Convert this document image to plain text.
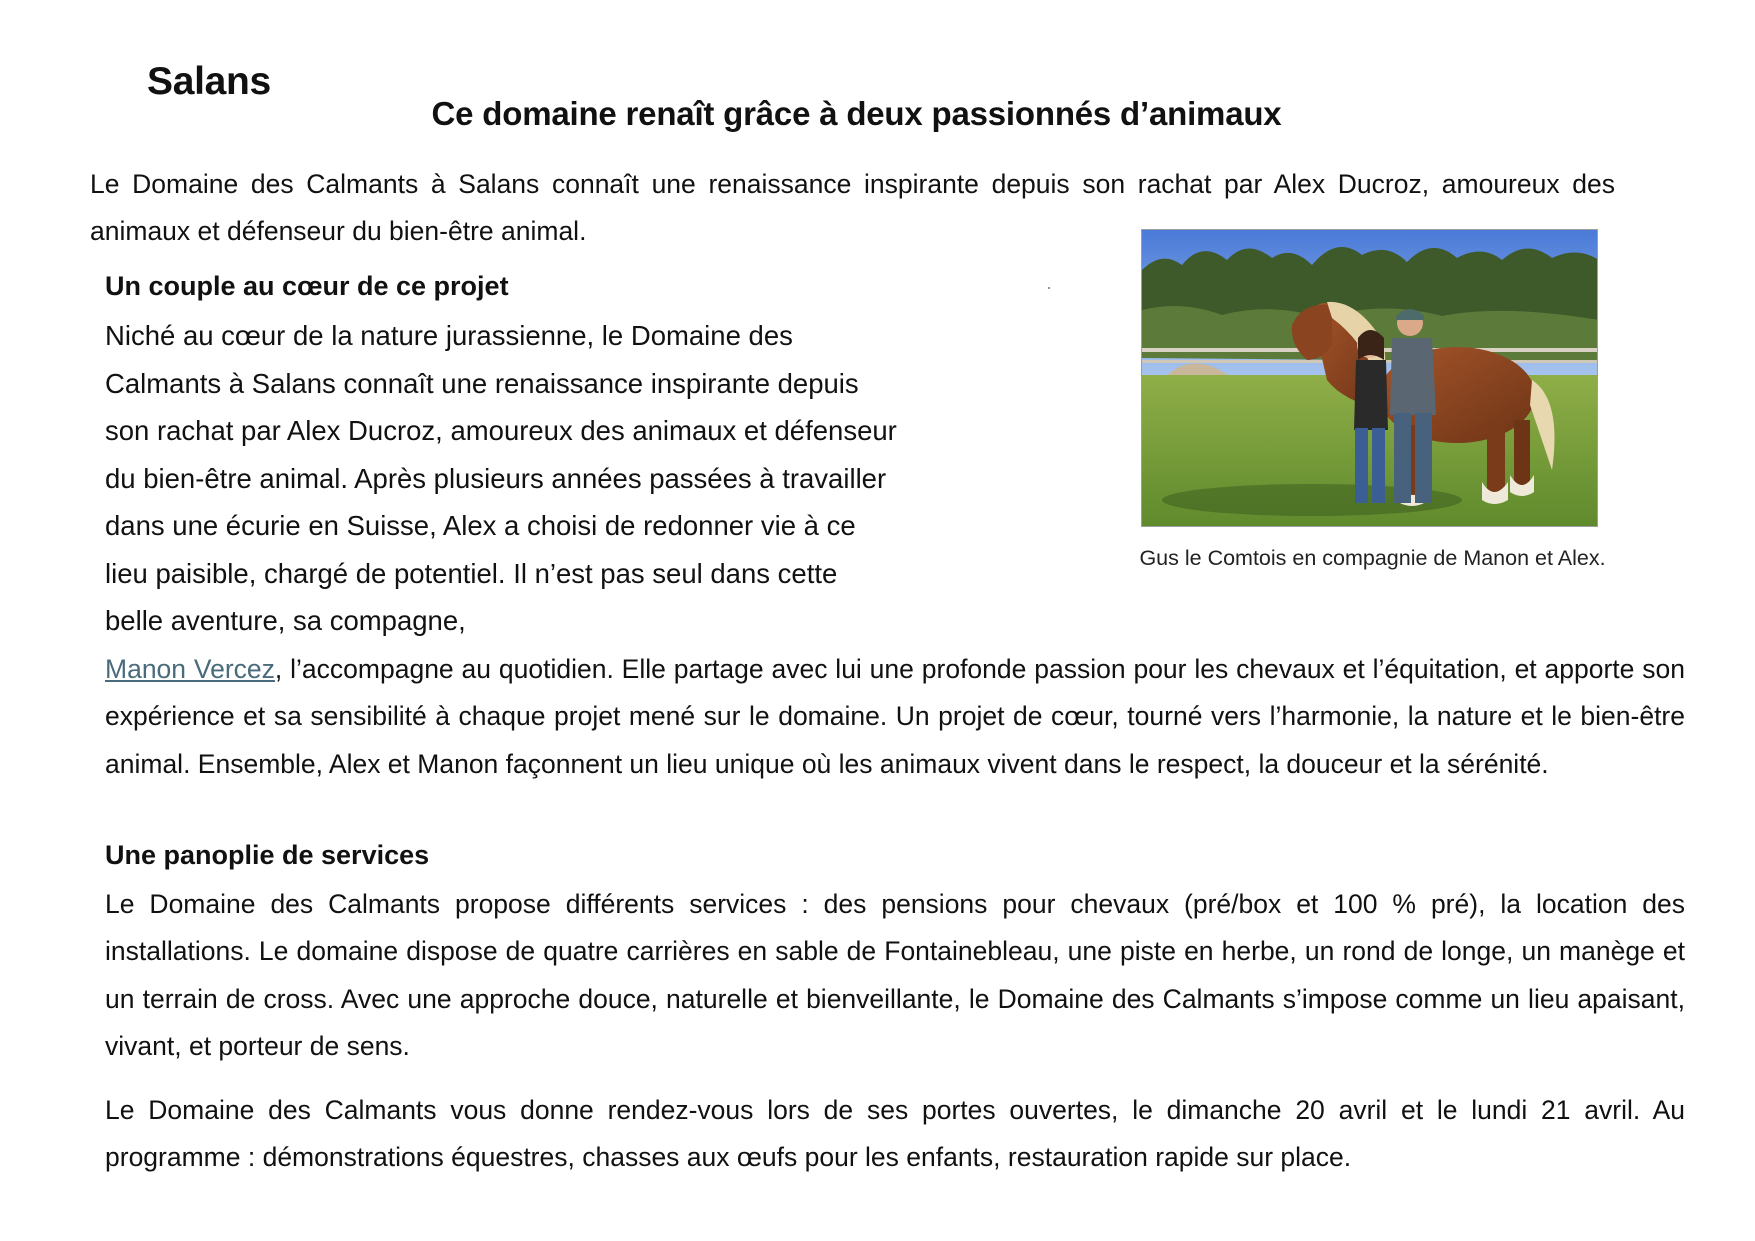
Salans
Ce domaine renaît grâce à deux passionnés d’animaux

Le Domaine des Calmants à Salans connaît une renaissance inspirante depuis son rachat par Alex Ducroz, amoureux des animaux et défenseur du bien-être animal.

Un couple au cœur de ce projet

Niché au cœur de la nature jurassienne, le Domaine des
Calmants à Salans connaît une renaissance inspirante depuis
son rachat par Alex Ducroz, amoureux des animaux et défenseur
du bien-être animal. Après plusieurs années passées à travailler
dans une écurie en Suisse, Alex a choisi de redonner vie à ce
lieu paisible, chargé de potentiel. Il n’est pas seul dans cette
belle aventure, sa compagne,

Manon Vercez, l’accompagne au quotidien. Elle partage avec lui une profonde passion pour les chevaux et l’équitation, et apporte son expérience et sa sensibilité à chaque projet mené sur le domaine. Un projet de cœur, tourné vers l’harmonie, la nature et le bien-être animal. Ensemble, Alex et Manon façonnent un lieu unique où les animaux vivent dans le respect, la douceur et la sérénité.

Une panoplie de services

Le Domaine des Calmants propose différents services : des pensions pour chevaux (pré/box et 100 % pré), la location des installations. Le domaine dispose de quatre carrières en sable de Fontainebleau, une piste en herbe, un rond de longe, un manège et un terrain de cross. Avec une approche douce, naturelle et bienveillante, le Domaine des Calmants s’impose comme un lieu apaisant, vivant, et porteur de sens.

Le Domaine des Calmants vous donne rendez-vous lors de ses portes ouvertes, le dimanche 20 avril et le lundi 21 avril. Au programme : démonstrations équestres, chasses aux œufs pour les enfants, restauration rapide sur place.

Gus le Comtois en compagnie de Manon et Alex.
